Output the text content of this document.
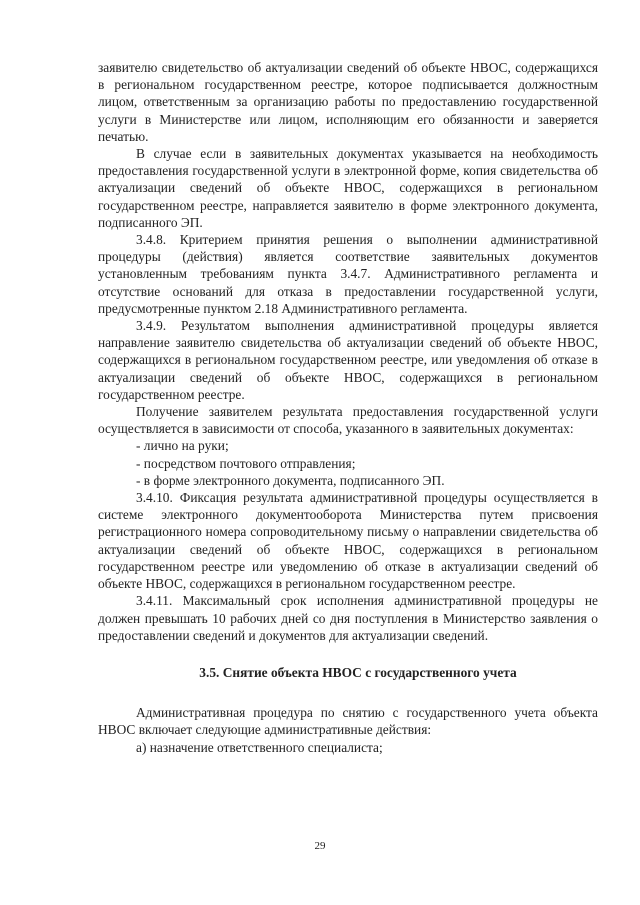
заявителю свидетельство об актуализации сведений об объекте НВОС, содержащихся в региональном государственном реестре, которое подписывается должностным лицом, ответственным за организацию работы по предоставлению государственной услуги в Министерстве или лицом, исполняющим его обязанности и заверяется печатью.

В случае если в заявительных документах указывается на необходимость предоставления государственной услуги в электронной форме, копия свидетельства об актуализации сведений об объекте НВОС, содержащихся в региональном государственном реестре, направляется заявителю в форме электронного документа, подписанного ЭП.

3.4.8. Критерием принятия решения о выполнении административной процедуры (действия) является соответствие заявительных документов установленным требованиям пункта 3.4.7. Административного регламента и отсутствие оснований для отказа в предоставлении государственной услуги, предусмотренные пунктом 2.18 Административного регламента.

3.4.9. Результатом выполнения административной процедуры является направление заявителю свидетельства об актуализации сведений об объекте НВОС, содержащихся в региональном государственном реестре, или уведомления об отказе в актуализации сведений об объекте НВОС, содержащихся в региональном государственном реестре.

Получение заявителем результата предоставления государственной услуги осуществляется в зависимости от способа, указанного в заявительных документах:

- лично на руки;

- посредством почтового отправления;

- в форме электронного документа, подписанного ЭП.

3.4.10. Фиксация результата административной процедуры осуществляется в системе электронного документооборота Министерства путем присвоения регистрационного номера сопроводительному письму о направлении свидетельства об актуализации сведений об объекте НВОС, содержащихся в региональном государственном реестре или уведомлению об отказе в актуализации сведений об объекте НВОС, содержащихся в региональном государственном реестре.

3.4.11. Максимальный срок исполнения административной процедуры не должен превышать 10 рабочих дней со дня поступления в Министерство заявления о предоставлении сведений и документов для актуализации сведений.

3.5. Снятие объекта НВОС с государственного учета

Административная процедура по снятию с государственного учета объекта НВОС включает следующие административные действия:

а) назначение ответственного специалиста;

29
